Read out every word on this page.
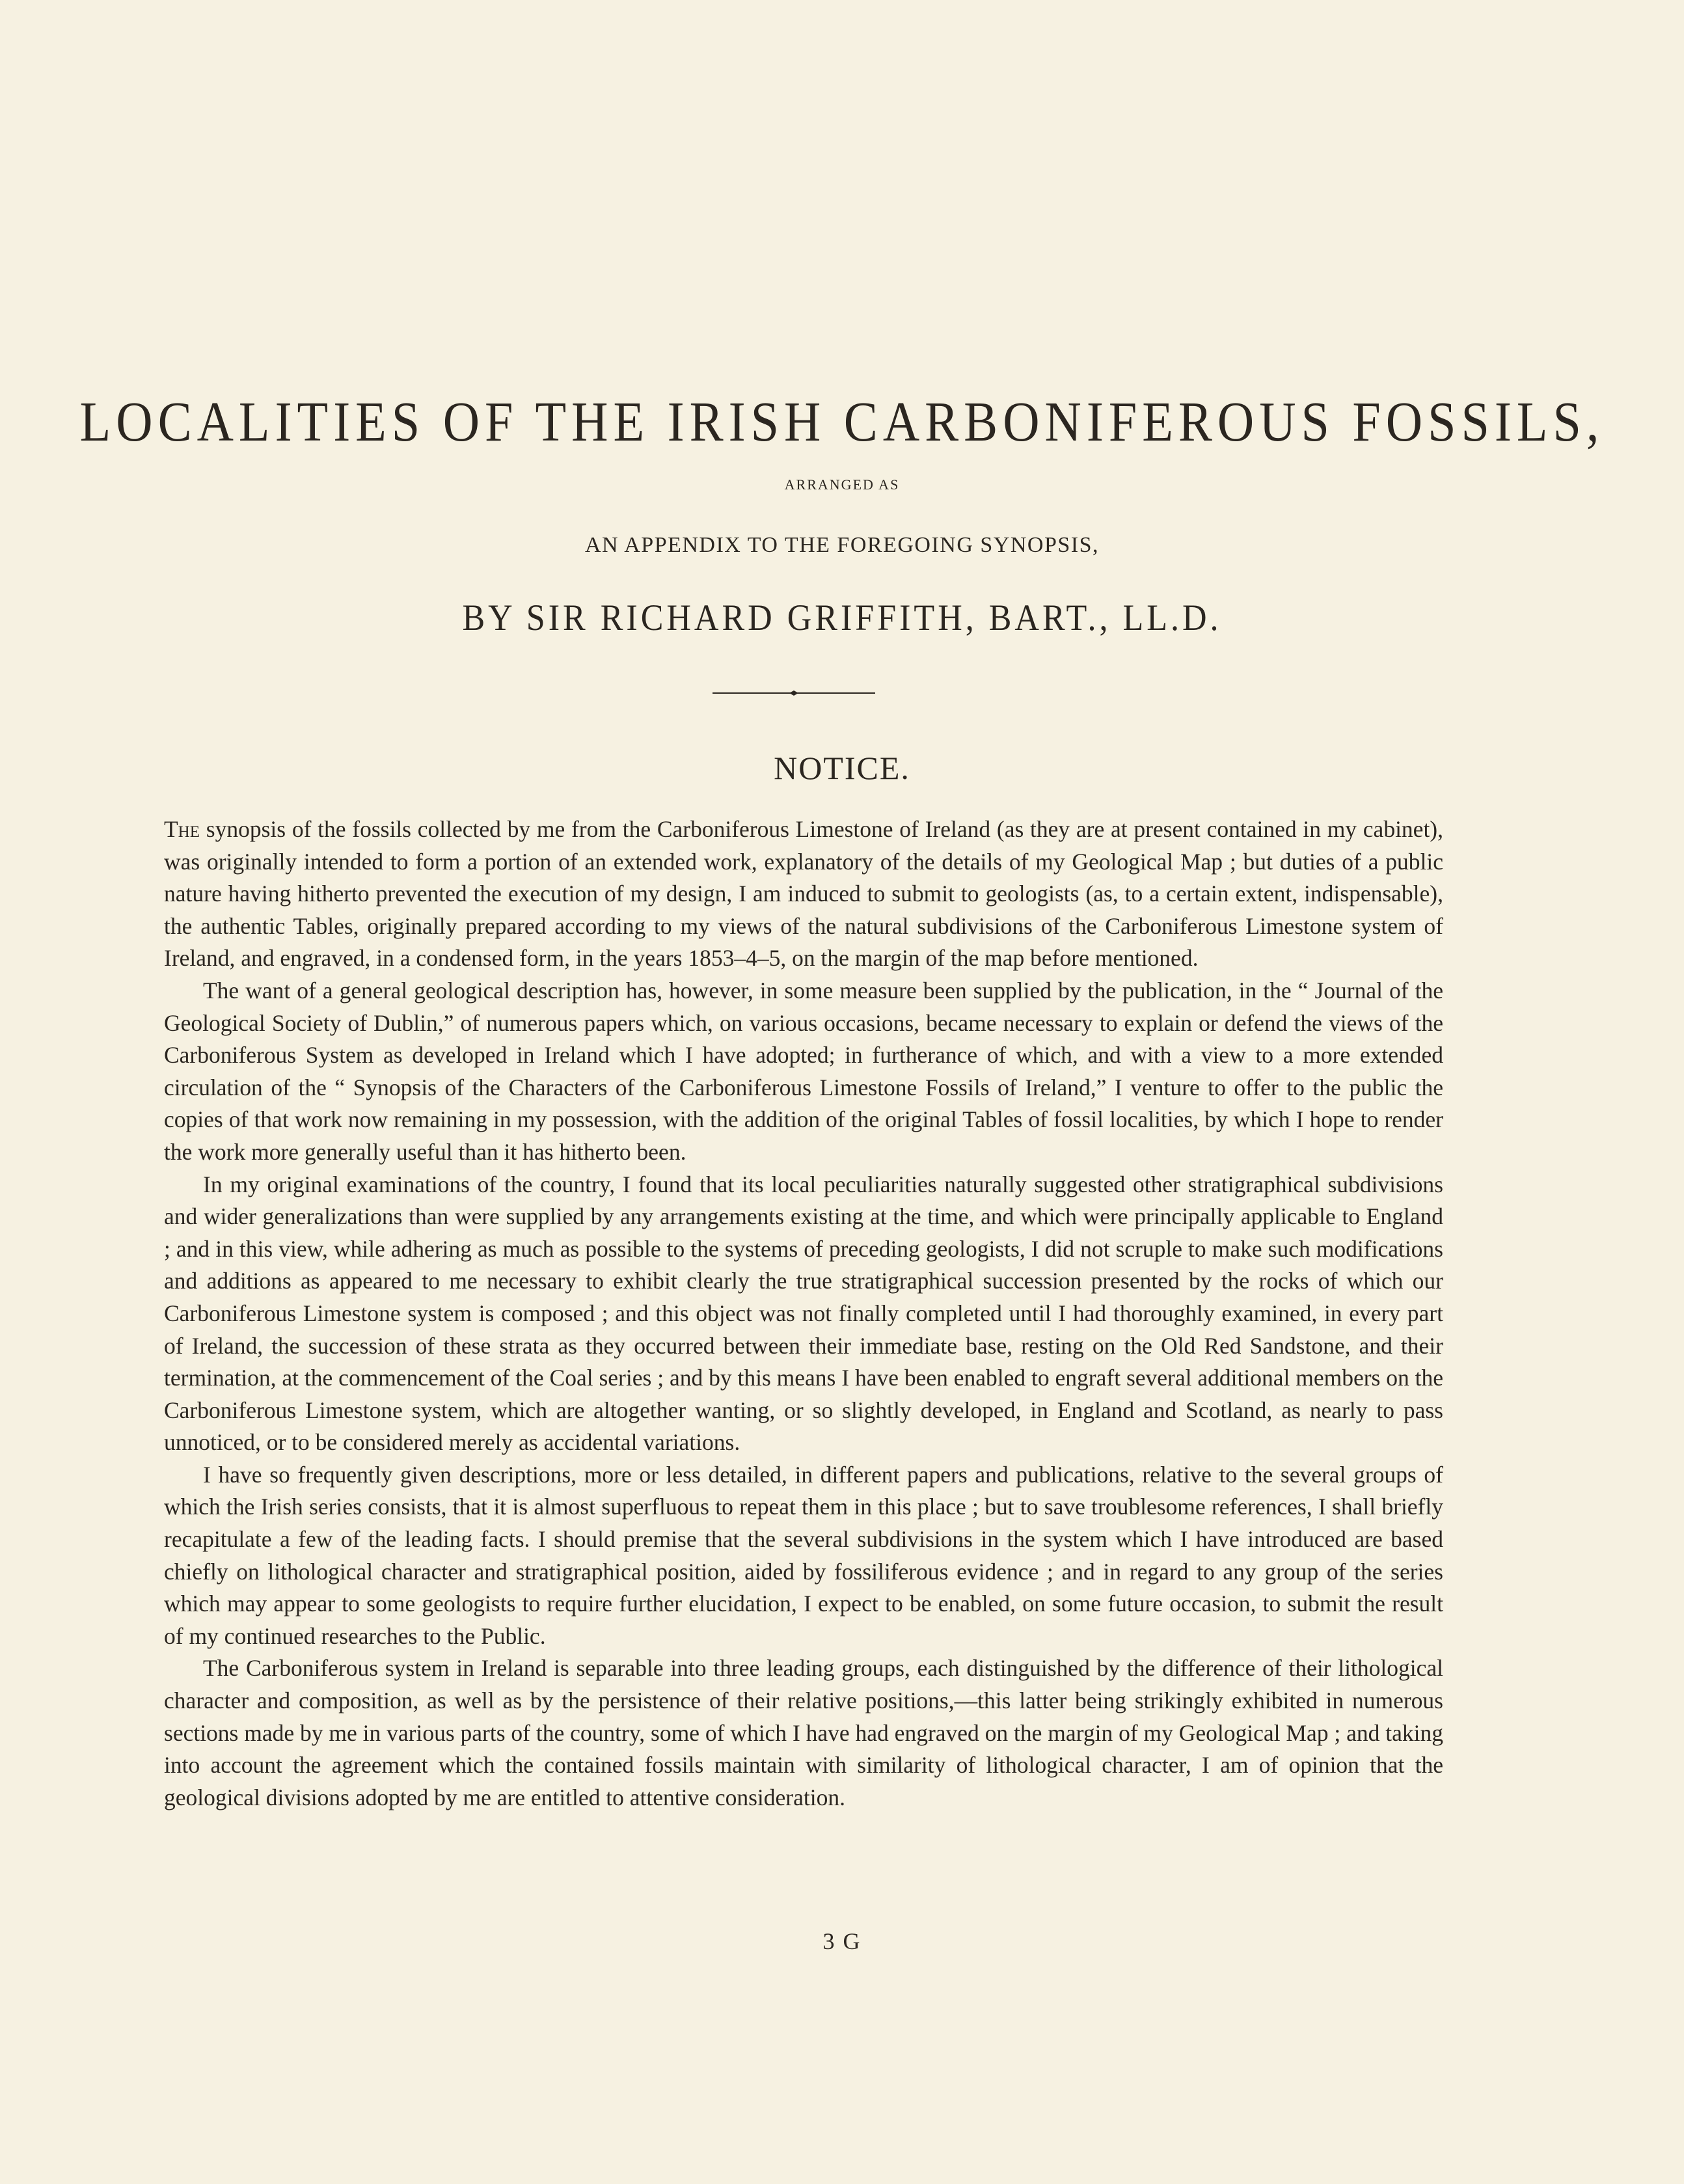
LOCALITIES OF THE IRISH CARBONIFEROUS FOSSILS,
ARRANGED AS
AN APPENDIX TO THE FOREGOING SYNOPSIS,
BY SIR RICHARD GRIFFITH, BART., LL.D.
NOTICE.

The synopsis of the fossils collected by me from the Carboniferous Limestone of Ireland (as they are at present contained in my cabinet), was originally intended to form a portion of an extended work, explanatory of the details of my Geological Map ; but duties of a public nature having hitherto prevented the execution of my design, I am induced to submit to geologists (as, to a certain extent, indispensable), the authentic Tables, originally prepared according to my views of the natural subdivisions of the Carboniferous Limestone system of Ireland, and engraved, in a condensed form, in the years 1853–4–5, on the margin of the map before mentioned.

The want of a general geological description has, however, in some measure been supplied by the publication, in the “ Journal of the Geological Society of Dublin,” of numerous papers which, on various occasions, became necessary to explain or defend the views of the Carboniferous System as developed in Ireland which I have adopted; in furtherance of which, and with a view to a more extended circulation of the “ Synopsis of the Characters of the Carboniferous Limestone Fossils of Ireland,” I venture to offer to the public the copies of that work now remaining in my possession, with the addition of the original Tables of fossil localities, by which I hope to render the work more generally useful than it has hitherto been.

In my original examinations of the country, I found that its local peculiarities naturally suggested other stratigraphical subdivisions and wider generalizations than were supplied by any arrangements existing at the time, and which were principally applicable to England ; and in this view, while adhering as much as possible to the systems of preceding geologists, I did not scruple to make such modifications and additions as appeared to me necessary to exhibit clearly the true stratigraphical succession presented by the rocks of which our Carboniferous Limestone system is composed ; and this object was not finally completed until I had thoroughly examined, in every part of Ireland, the succession of these strata as they occurred between their immediate base, resting on the Old Red Sandstone, and their termination, at the commencement of the Coal series ; and by this means I have been enabled to engraft several additional members on the Carboniferous Limestone system, which are altogether wanting, or so slightly developed, in England and Scotland, as nearly to pass unnoticed, or to be considered merely as accidental variations.

I have so frequently given descriptions, more or less detailed, in different papers and publications, relative to the several groups of which the Irish series consists, that it is almost superfluous to repeat them in this place ; but to save troublesome references, I shall briefly recapitulate a few of the leading facts. I should premise that the several subdivisions in the system which I have introduced are based chiefly on lithological character and stratigraphical position, aided by fossiliferous evidence ; and in regard to any group of the series which may appear to some geologists to require further elucidation, I expect to be enabled, on some future occasion, to submit the result of my continued researches to the Public.

The Carboniferous system in Ireland is separable into three leading groups, each distinguished by the difference of their lithological character and composition, as well as by the persistence of their relative positions,—this latter being strikingly exhibited in numerous sections made by me in various parts of the country, some of which I have had engraved on the margin of my Geological Map ; and taking into account the agreement which the contained fossils maintain with similarity of lithological character, I am of opinion that the geological divisions adopted by me are entitled to attentive consideration.

3 G
